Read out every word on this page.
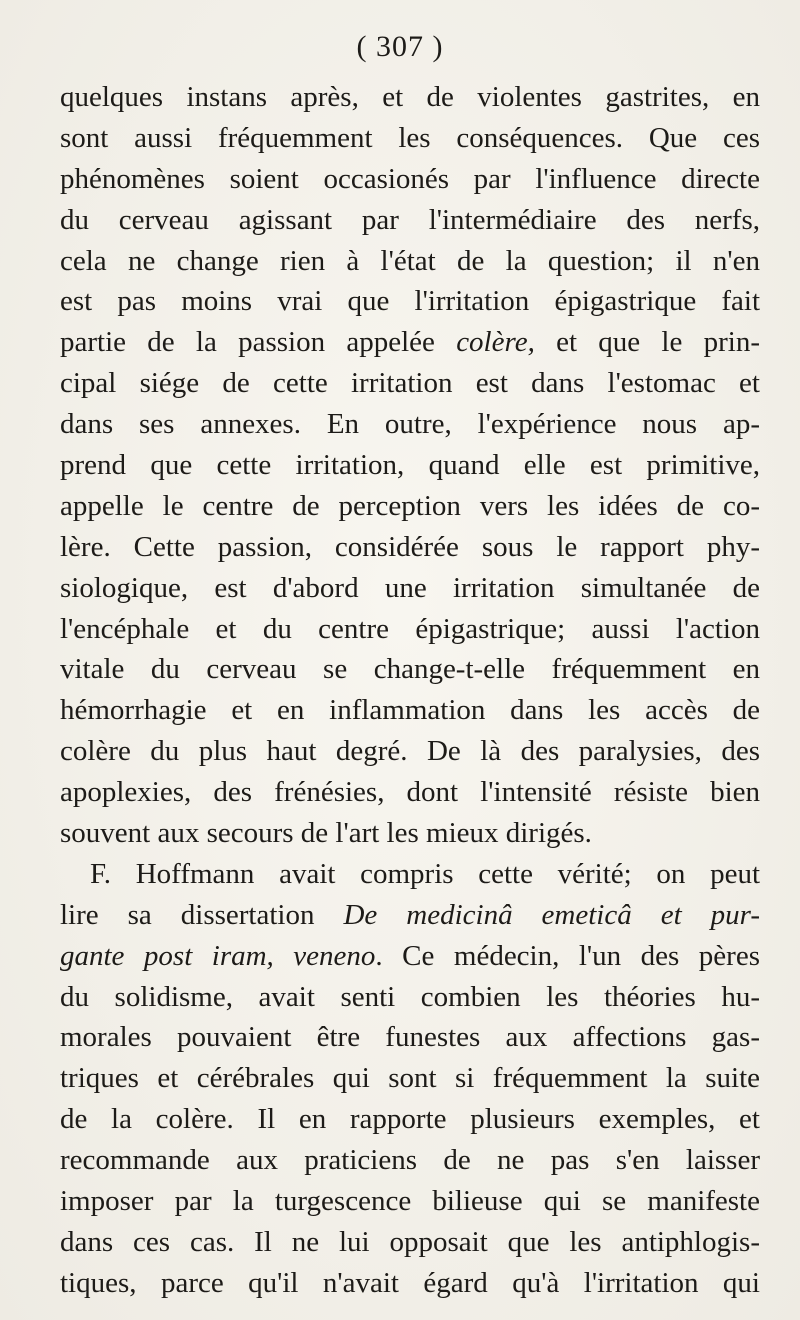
( 307 )
quelques instans après, et de violentes gastrites, en
sont aussi fréquemment les conséquences. Que ces
phénomènes soient occasionés par l'influence directe
du cerveau agissant par l'intermédiaire des nerfs,
cela ne change rien à l'état de la question; il n'en
est pas moins vrai que l'irritation épigastrique fait
partie de la passion appelée colère, et que le prin-
cipal siége de cette irritation est dans l'estomac et
dans ses annexes. En outre, l'expérience nous ap-
prend que cette irritation, quand elle est primitive,
appelle le centre de perception vers les idées de co-
lère. Cette passion, considérée sous le rapport phy-
siologique, est d'abord une irritation simultanée de
l'encéphale et du centre épigastrique; aussi l'action
vitale du cerveau se change-t-elle fréquemment en
hémorrhagie et en inflammation dans les accès de
colère du plus haut degré. De là des paralysies, des
apoplexies, des frénésies, dont l'intensité résiste bien
souvent aux secours de l'art les mieux dirigés.
F. Hoffmann avait compris cette vérité; on peut
lire sa dissertation De medicinâ emeticâ et pur-
gante post iram, veneno. Ce médecin, l'un des pères
du solidisme, avait senti combien les théories hu-
morales pouvaient être funestes aux affections gas-
triques et cérébrales qui sont si fréquemment la suite
de la colère. Il en rapporte plusieurs exemples, et
recommande aux praticiens de ne pas s'en laisser
imposer par la turgescence bilieuse qui se manifeste
dans ces cas. Il ne lui opposait que les antiphlogis-
tiques, parce qu'il n'avait égard qu'à l'irritation qui
